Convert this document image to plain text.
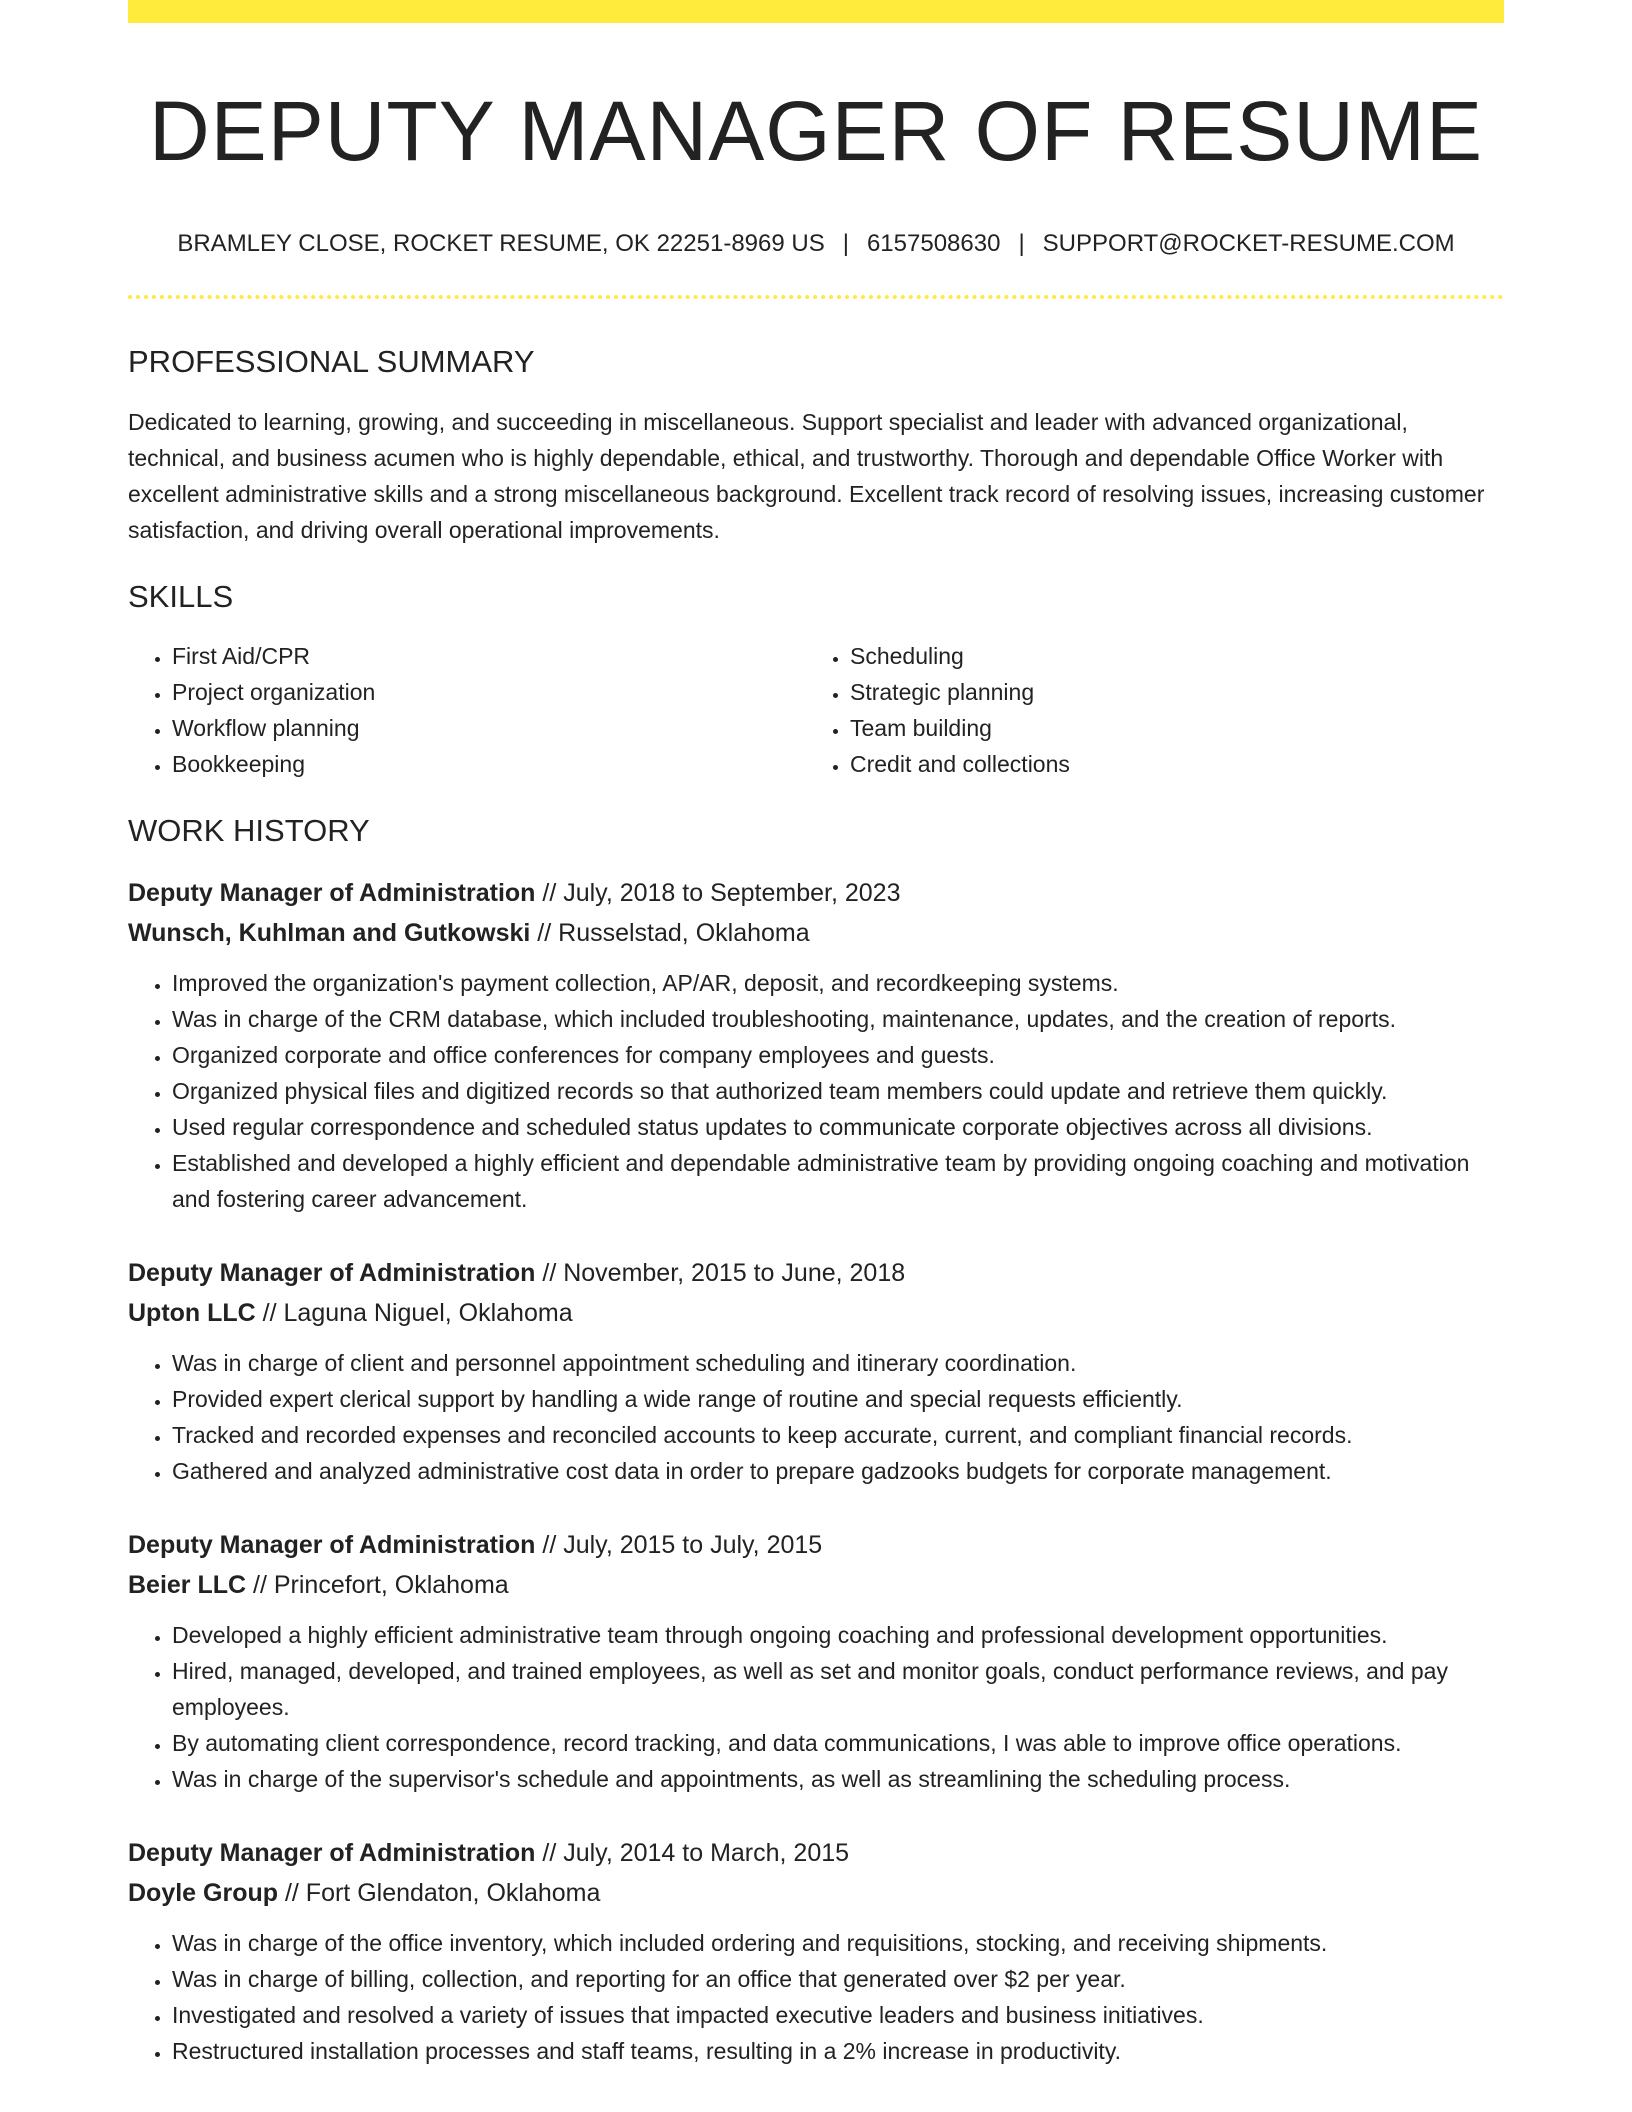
DEPUTY MANAGER OF RESUME
BRAMLEY CLOSE, ROCKET RESUME, OK 22251-8969 US | 6157508630 | SUPPORT@ROCKET-RESUME.COM
PROFESSIONAL SUMMARY

Dedicated to learning, growing, and succeeding in miscellaneous. Support specialist and leader with advanced organizational, technical, and business acumen who is highly dependable, ethical, and trustworthy. Thorough and dependable Office Worker with excellent administrative skills and a strong miscellaneous background. Excellent track record of resolving issues, increasing customer satisfaction, and driving overall operational improvements.

SKILLS
• First Aid/CPR
• Project organization
• Workflow planning
• Bookkeeping
• Scheduling
• Strategic planning
• Team building
• Credit and collections
WORK HISTORY
Deputy Manager of Administration // July, 2018 to September, 2023
Wunsch, Kuhlman and Gutkowski // Russelstad, Oklahoma
• Improved the organization's payment collection, AP/AR, deposit, and recordkeeping systems.
• Was in charge of the CRM database, which included troubleshooting, maintenance, updates, and the creation of reports.
• Organized corporate and office conferences for company employees and guests.
• Organized physical files and digitized records so that authorized team members could update and retrieve them quickly.
• Used regular correspondence and scheduled status updates to communicate corporate objectives across all divisions.
• Established and developed a highly efficient and dependable administrative team by providing ongoing coaching and motivation and fostering career advancement.
Deputy Manager of Administration // November, 2015 to June, 2018
Upton LLC // Laguna Niguel, Oklahoma
• Was in charge of client and personnel appointment scheduling and itinerary coordination.
• Provided expert clerical support by handling a wide range of routine and special requests efficiently.
• Tracked and recorded expenses and reconciled accounts to keep accurate, current, and compliant financial records.
• Gathered and analyzed administrative cost data in order to prepare gadzooks budgets for corporate management.
Deputy Manager of Administration // July, 2015 to July, 2015
Beier LLC // Princefort, Oklahoma
• Developed a highly efficient administrative team through ongoing coaching and professional development opportunities.
• Hired, managed, developed, and trained employees, as well as set and monitor goals, conduct performance reviews, and pay employees.
• By automating client correspondence, record tracking, and data communications, I was able to improve office operations.
• Was in charge of the supervisor's schedule and appointments, as well as streamlining the scheduling process.
Deputy Manager of Administration // July, 2014 to March, 2015
Doyle Group // Fort Glendaton, Oklahoma
• Was in charge of the office inventory, which included ordering and requisitions, stocking, and receiving shipments.
• Was in charge of billing, collection, and reporting for an office that generated over $2 per year.
• Investigated and resolved a variety of issues that impacted executive leaders and business initiatives.
• Restructured installation processes and staff teams, resulting in a 2% increase in productivity.
